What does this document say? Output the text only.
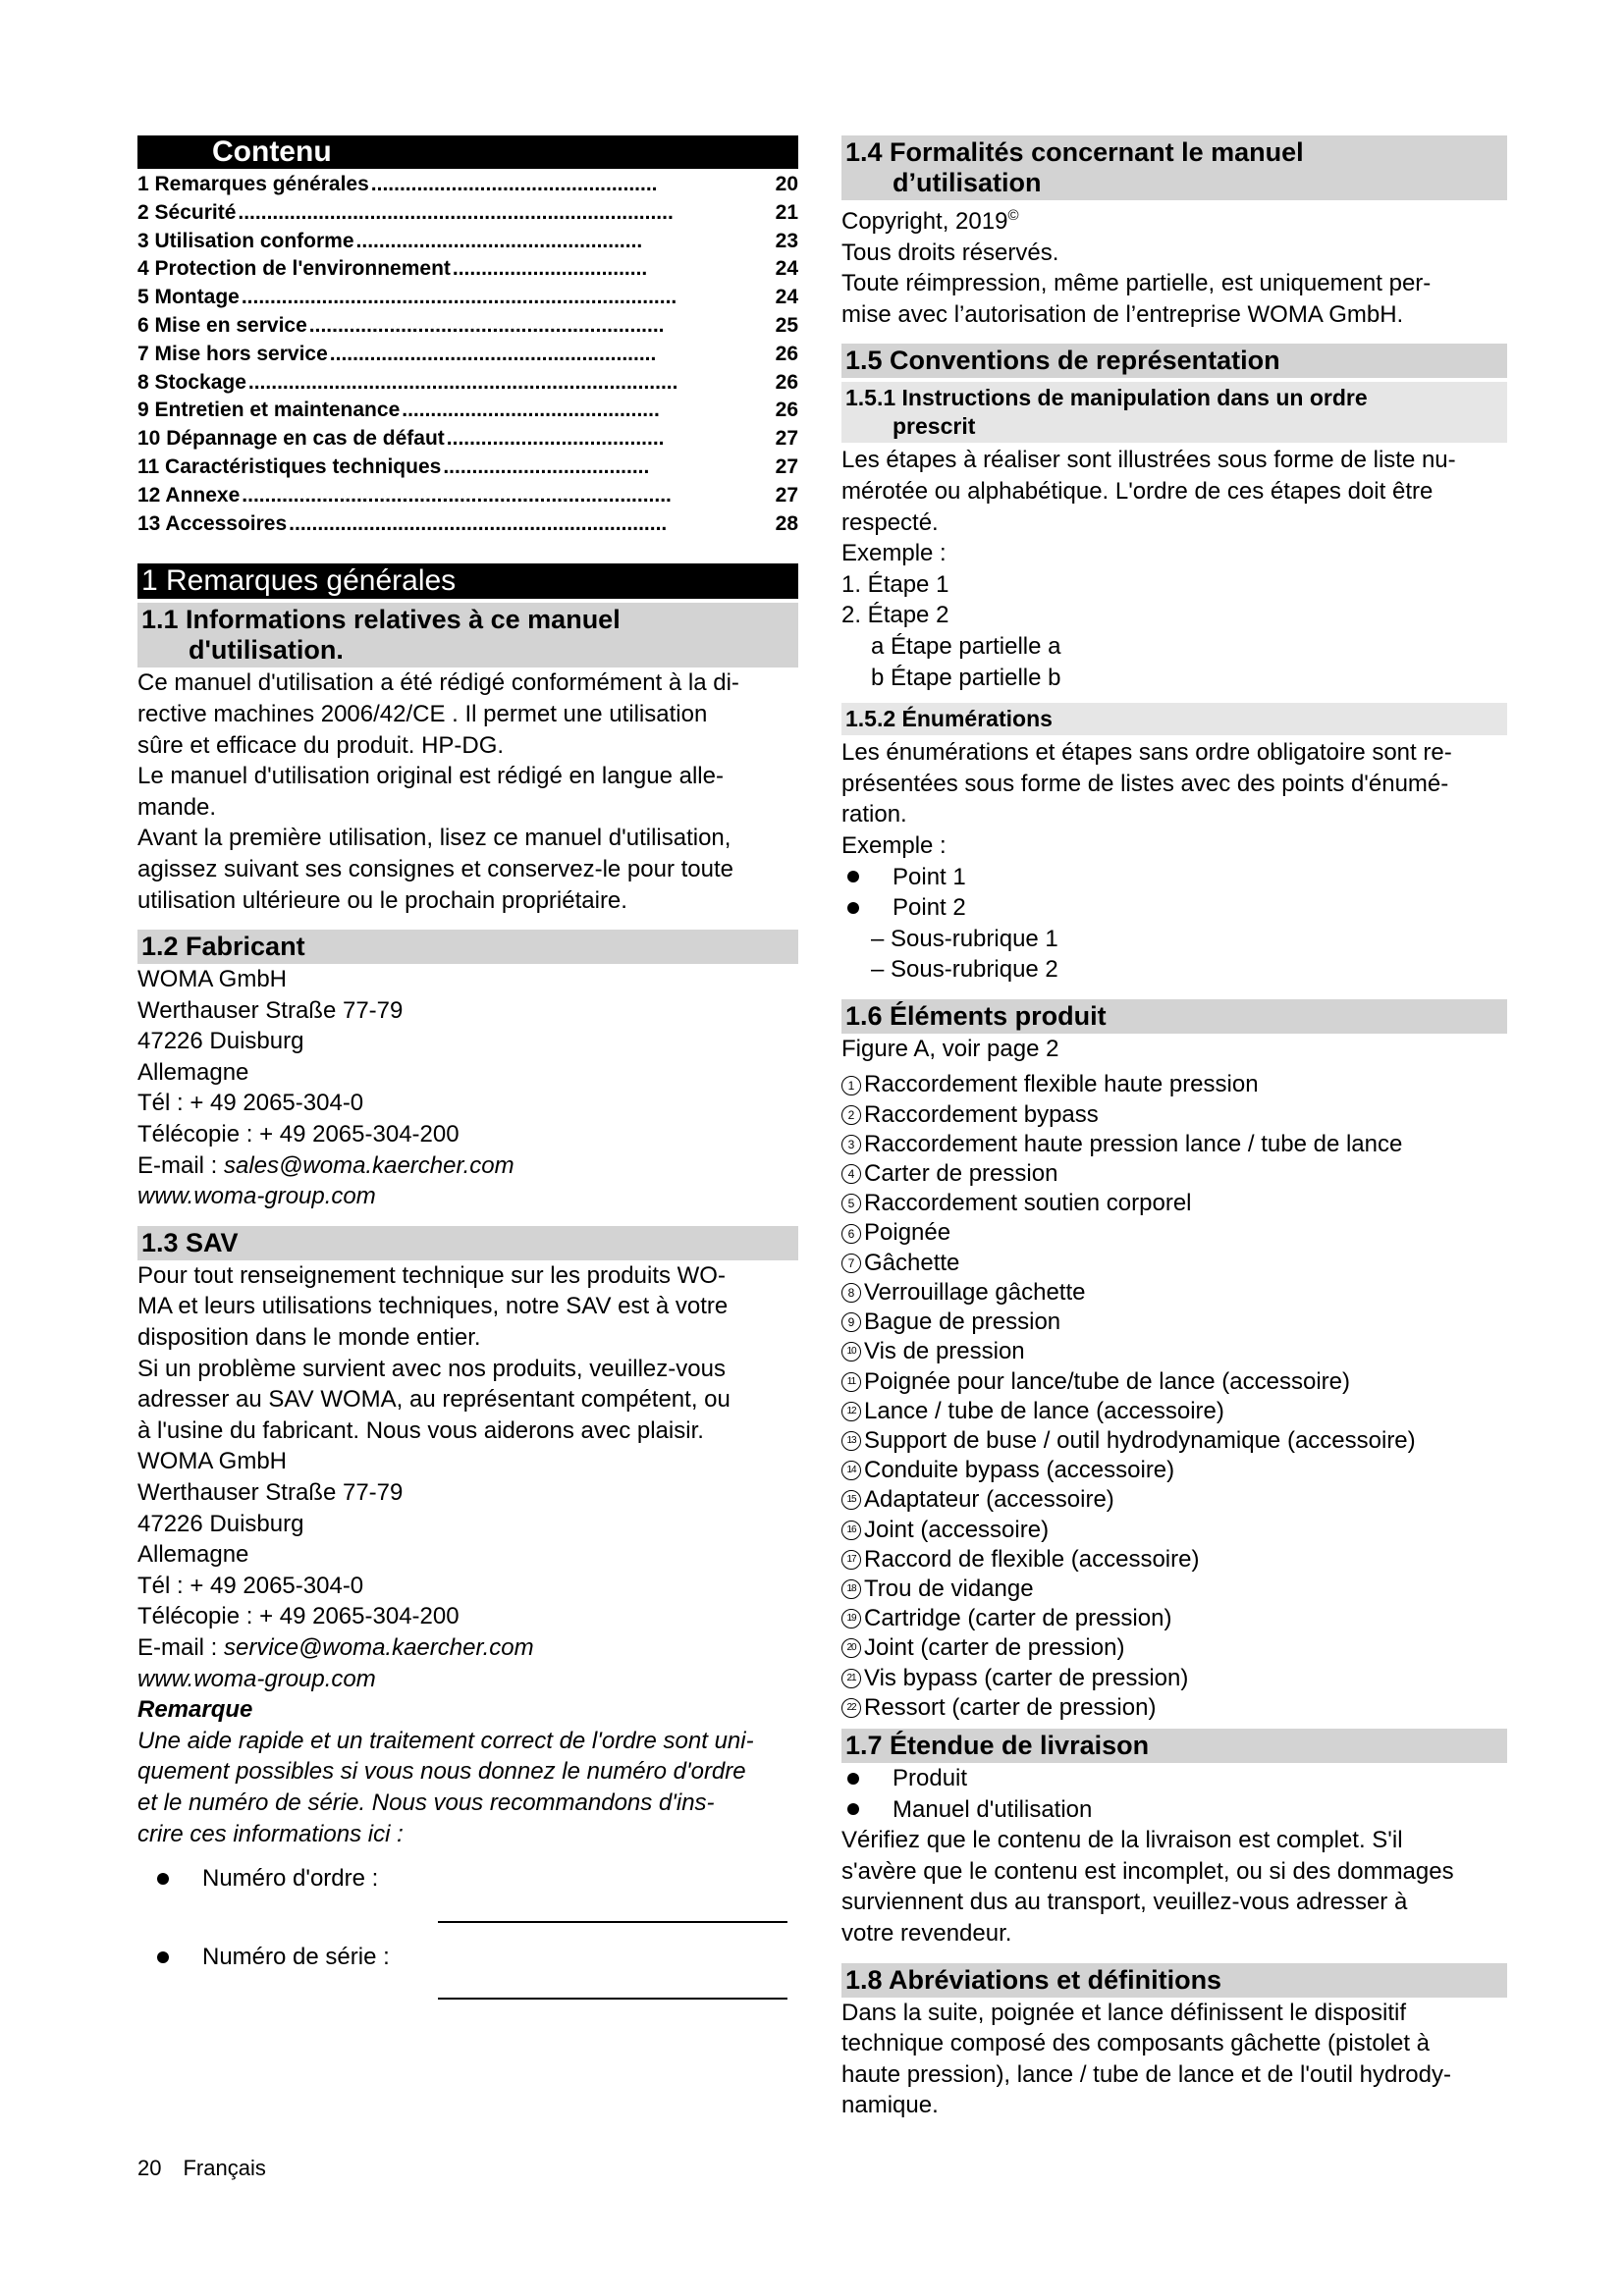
Contenu
1 Remarques générales ..................................................	20
2 Sécurité ............................................................................	21
3 Utilisation conforme ..................................................	23
4 Protection de l'environnement ..................................	24
5 Montage ............................................................................	24
6 Mise en service ..............................................................	25
7 Mise hors service .........................................................	26
8 Stockage ...........................................................................	26
9 Entretien et maintenance .............................................	26
10 Dépannage en cas de défaut ......................................	27
11 Caractéristiques techniques ....................................	27
12 Annexe ...........................................................................	27
13 Accessoires ..................................................................	28
1 Remarques générales
1.1 Informations relatives à ce manuel
d'utilisation.

Ce manuel d'utilisation a été rédigé conformément à la di-

rective machines 2006/42/CE . Il permet une utilisation

sûre et efficace du produit. HP-DG.

Le manuel d'utilisation original est rédigé en langue alle-

mande.

Avant la première utilisation, lisez ce manuel d'utilisation,

agissez suivant ses consignes et conservez-le pour toute

utilisation ultérieure ou le prochain propriétaire.

1.2 Fabricant

WOMA GmbH

Werthauser Straße 77-79

47226 Duisburg

Allemagne

Tél : + 49 2065-304-0

Télécopie : + 49 2065-304-200

E-mail : sales@woma.kaercher.com

www.woma-group.com

1.3 SAV

Pour tout renseignement technique sur les produits WO-

MA et leurs utilisations techniques, notre SAV est à votre

disposition dans le monde entier.

Si un problème survient avec nos produits, veuillez-vous

adresser au SAV WOMA, au représentant compétent, ou

à l'usine du fabricant. Nous vous aiderons avec plaisir.

WOMA GmbH

Werthauser Straße 77-79

47226 Duisburg

Allemagne

Tél : + 49 2065-304-0

Télécopie : + 49 2065-304-200

E-mail : service@woma.kaercher.com

www.woma-group.com

Remarque

Une aide rapide et un traitement correct de l'ordre sont uni-

quement possibles si vous nous donnez le numéro d'ordre

et le numéro de série. Nous vous recommandons d'ins-

crire ces informations ici :

Numéro d'ordre :
Numéro de série :
1.4 Formalités concernant le manuel
d’utilisation

Copyright, 2019©

Tous droits réservés.

Toute réimpression, même partielle, est uniquement per-

mise avec l’autorisation de l’entreprise WOMA GmbH.

1.5 Conventions de représentation
1.5.1 Instructions de manipulation dans un ordre
prescrit

Les étapes à réaliser sont illustrées sous forme de liste nu-

mérotée ou alphabétique. L'ordre de ces étapes doit être

respecté.

Exemple :

1. Étape 1

2. Étape 2

a Étape partielle a

b Étape partielle b

1.5.2 Énumérations

Les énumérations et étapes sans ordre obligatoire sont re-

présentées sous forme de listes avec des points d'énumé-

ration.

Exemple :

Point 1
Point 2

– Sous-rubrique 1

– Sous-rubrique 2

1.6 Éléments produit

Figure A, voir page 2

1 Raccordement flexible haute pression
2 Raccordement bypass
3 Raccordement haute pression lance / tube de lance
4 Carter de pression
5 Raccordement soutien corporel
6 Poignée
7 Gâchette
8 Verrouillage gâchette
9 Bague de pression
10 Vis de pression
11 Poignée pour lance/tube de lance (accessoire)
12 Lance / tube de lance (accessoire)
13 Support de buse / outil hydrodynamique (accessoire)
14 Conduite bypass (accessoire)
15 Adaptateur (accessoire)
16 Joint (accessoire)
17 Raccord de flexible (accessoire)
18 Trou de vidange
19 Cartridge (carter de pression)
20 Joint (carter de pression)
21 Vis bypass (carter de pression)
22 Ressort (carter de pression)
1.7 Étendue de livraison
Produit
Manuel d'utilisation

Vérifiez que le contenu de la livraison est complet. S'il

s'avère que le contenu est incomplet, ou si des dommages

surviennent dus au transport, veuillez-vous adresser à

votre revendeur.

1.8 Abréviations et définitions

Dans la suite, poignée et lance définissent le dispositif

technique composé des composants gâchette (pistolet à

haute pression), lance / tube de lance et de l'outil hydrody-

namique.

20 Français
